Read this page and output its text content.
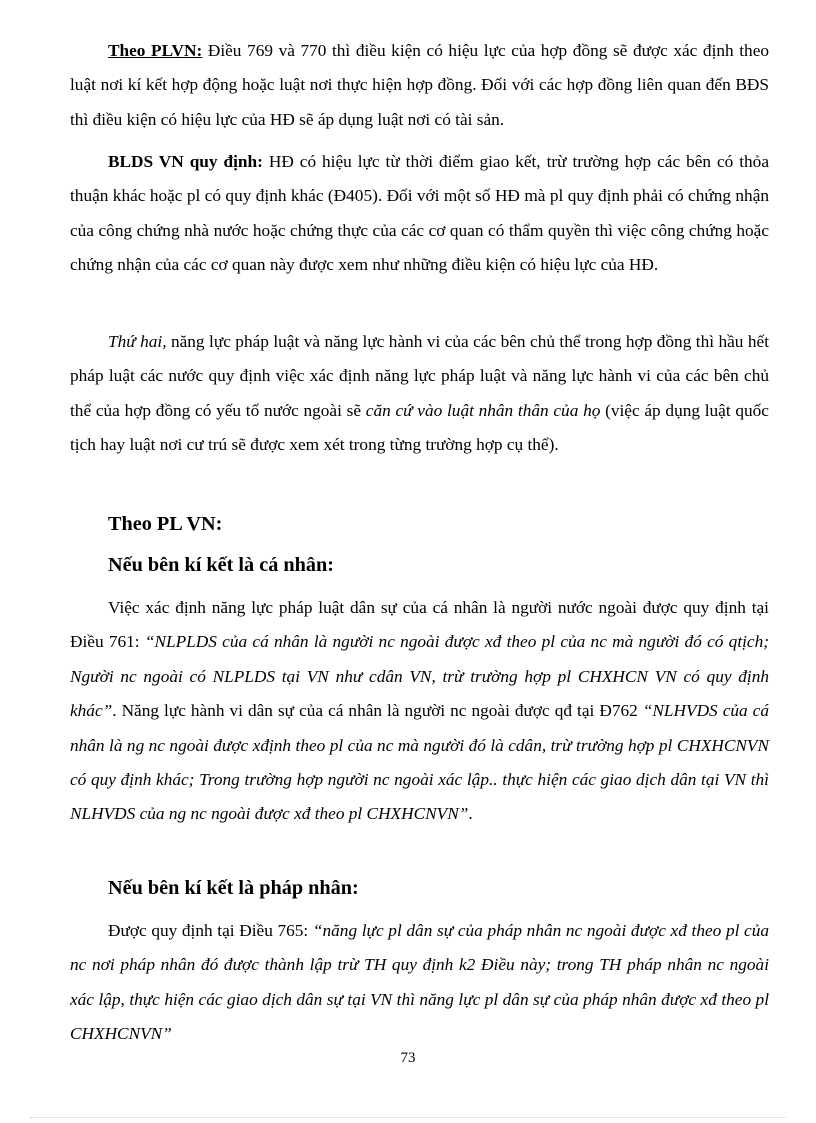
Theo PLVN: Điều 769 và 770 thì điều kiện có hiệu lực của hợp đồng sẽ được xác định theo luật nơi kí kết hợp động hoặc luật nơi thực hiện hợp đồng. Đối với các hợp đồng liên quan đến BĐS thì điều kiện có hiệu lực của HĐ sẽ áp dụng luật nơi có tài sản.

BLDS VN quy định: HĐ có hiệu lực từ thời điểm giao kết, trừ trường hợp các bên có thỏa thuận khác hoặc pl có quy định khác (Đ405). Đối với một số HĐ mà pl quy định phải có chứng nhận của công chứng nhà nước hoặc chứng thực của các cơ quan có thẩm quyền thì việc công chứng hoặc chứng nhận của các cơ quan này được xem như những điều kiện có hiệu lực của HĐ.

Thứ hai, năng lực pháp luật và năng lực hành vi của các bên chủ thể trong hợp đồng thì hầu hết pháp luật các nước quy định việc xác định năng lực pháp luật và năng lực hành vi của các bên chủ thể của hợp đồng có yếu tố nước ngoài sẽ căn cứ vào luật nhân thân của họ (việc áp dụng luật quốc tịch hay luật nơi cư trú sẽ được xem xét trong từng trường hợp cụ thể).

Theo PL VN:
Nếu bên kí kết là cá nhân:

Việc xác định năng lực pháp luật dân sự của cá nhân là người nước ngoài được quy định tại Điều 761: “NLPLDS của cá nhân là người nc ngoài được xđ theo pl của nc mà người đó có qtịch; Người nc ngoài có NLPLDS tại VN như cdân VN, trừ trường hợp pl CHXHCN VN có quy định khác”. Năng lực hành vi dân sự của cá nhân là người nc ngoài được qđ tại Đ762 “NLHVDS của cá nhân là ng nc ngoài được xđịnh theo pl của nc mà người đó là cdân, trừ trường hợp pl CHXHCNVN có quy định khác; Trong trường hợp người nc ngoài xác lập.. thực hiện các giao dịch dân tại VN thì NLHVDS của ng nc ngoài được xđ theo pl CHXHCNVN”.

Nếu bên kí kết là pháp nhân:

Được quy định tại Điều 765: “năng lực pl dân sự của pháp nhân nc ngoài được xđ theo pl của nc nơi pháp nhân đó được thành lập trừ TH quy định k2 Điều này; trong TH pháp nhân nc ngoài xác lập, thực hiện các giao dịch dân sự tại VN thì năng lực pl dân sự của pháp nhân được xđ theo pl CHXHCNVN”

73
